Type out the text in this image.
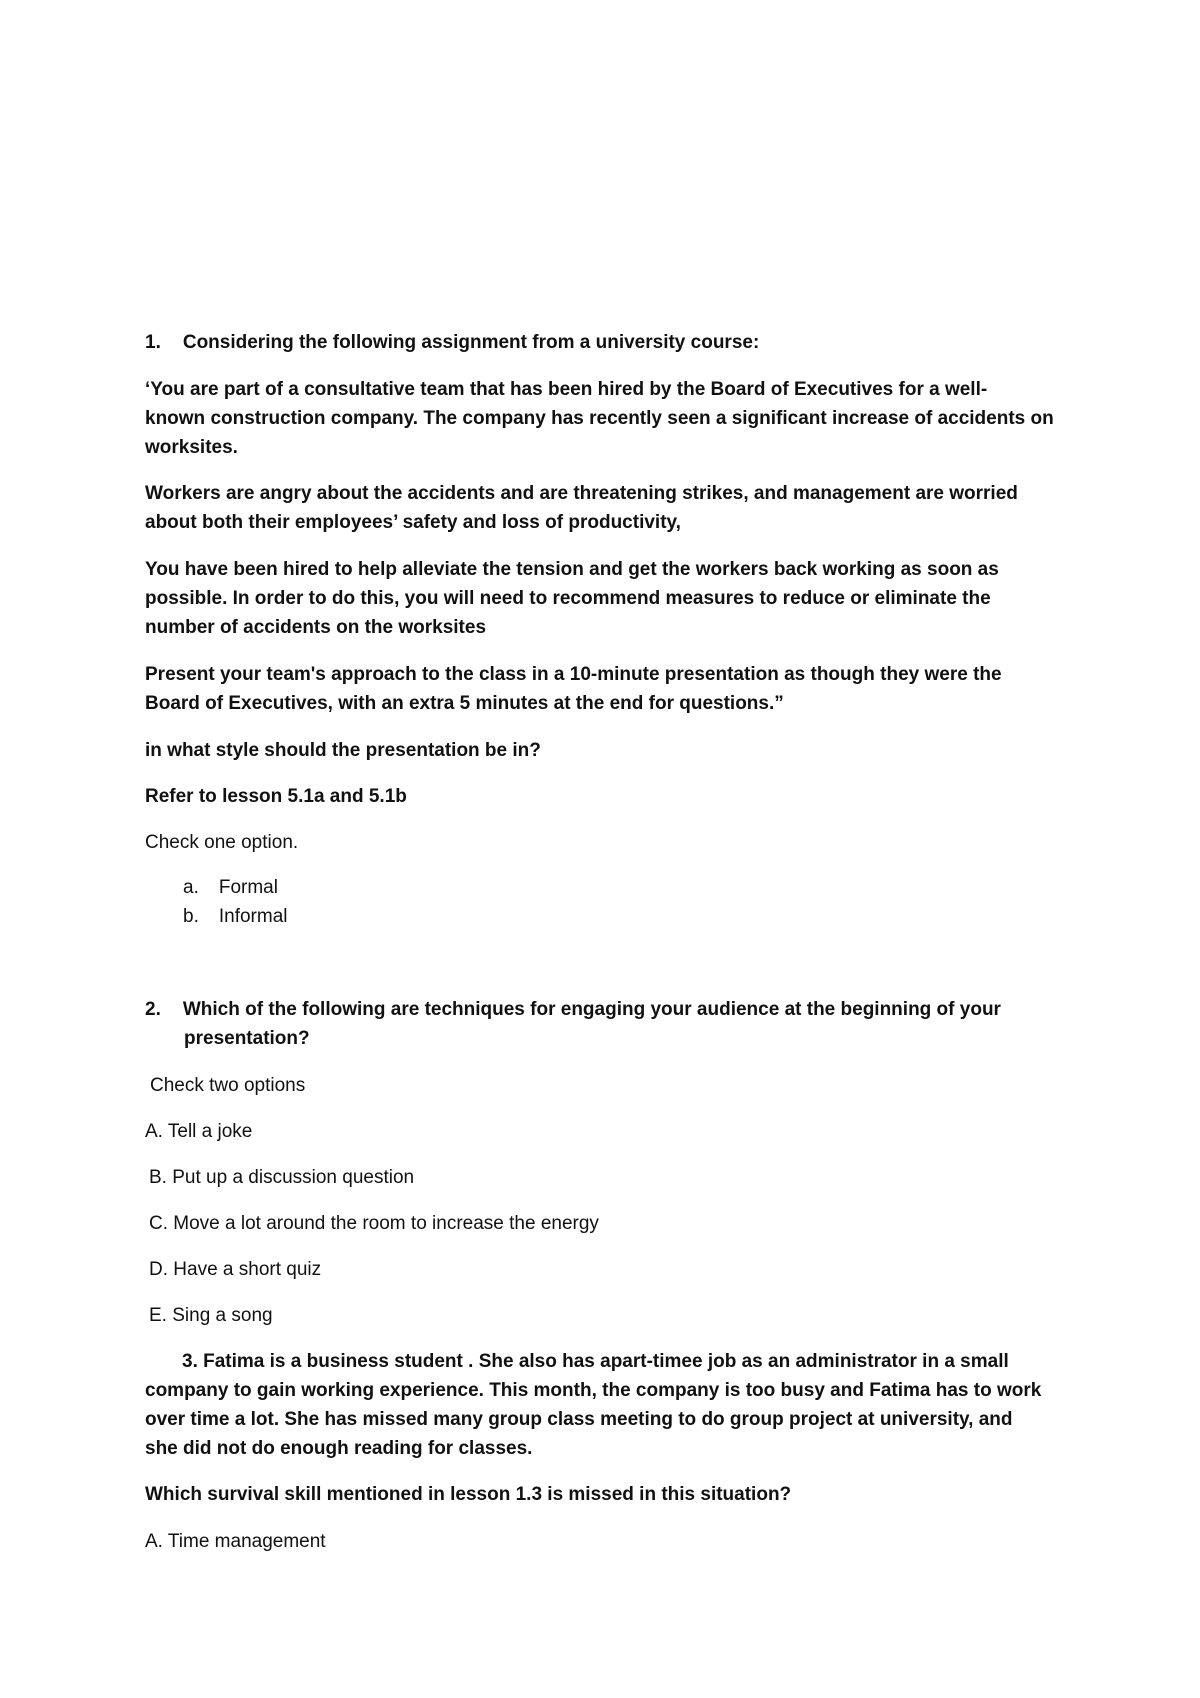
1. Considering the following assignment from a university course:
‘You are part of a consultative team that has been hired by the Board of Executives for a well-
known construction company. The company has recently seen a significant increase of accidents on
worksites.
Workers are angry about the accidents and are threatening strikes, and management are worried
about both their employees’ safety and loss of productivity,
You have been hired to help alleviate the tension and get the workers back working as soon as
possible. In order to do this, you will need to recommend measures to reduce or eliminate the
number of accidents on the worksites
Present your team's approach to the class in a 10-minute presentation as though they were the
Board of Executives, with an extra 5 minutes at the end for questions.”
in what style should the presentation be in?
Refer to lesson 5.1a and 5.1b
Check one option.
a. Formal
b. Informal
2. Which of the following are techniques for engaging your audience at the beginning of your
presentation?
Check two options
A. Tell a joke
B. Put up a discussion question
C. Move a lot around the room to increase the energy
D. Have a short quiz
E. Sing a song
3. Fatima is a business student . She also has apart-timee job as an administrator in a small
company to gain working experience. This month, the company is too busy and Fatima has to work
over time a lot. She has missed many group class meeting to do group project at university, and
she did not do enough reading for classes.
Which survival skill mentioned in lesson 1.3 is missed in this situation?
A. Time management
